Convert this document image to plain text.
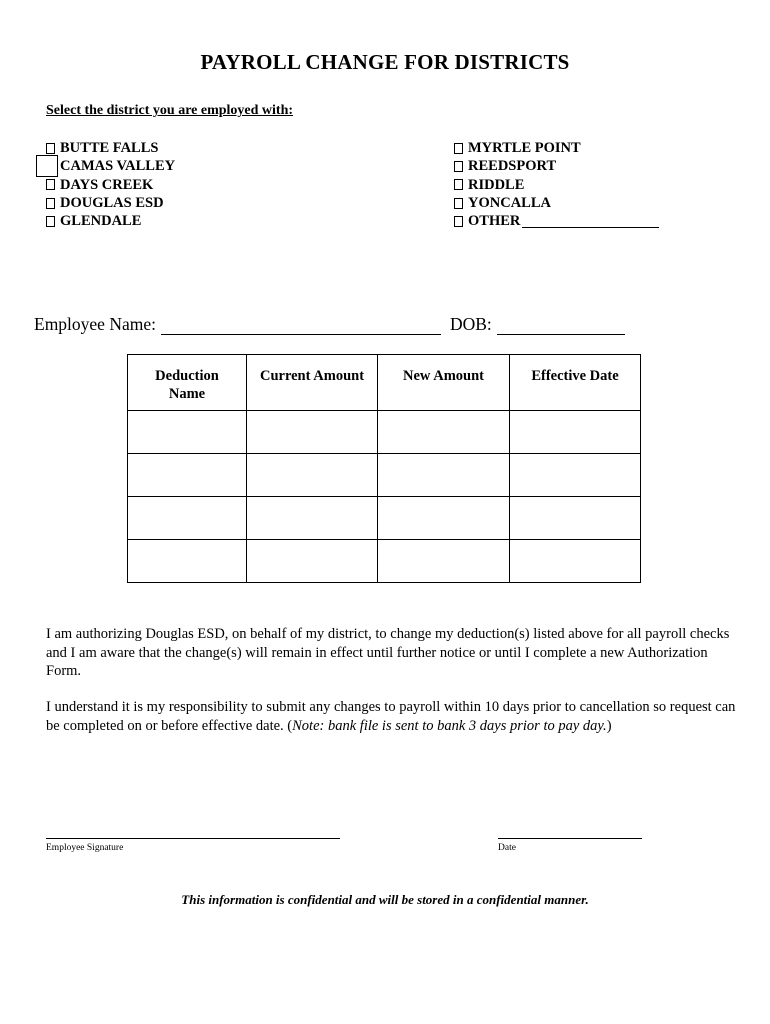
PAYROLL CHANGE FOR DISTRICTS
Select the district you are employed with:
BUTTE FALLS
CAMAS VALLEY
DAYS CREEK
DOUGLAS ESD
GLENDALE
MYRTLE POINT
REEDSPORT
RIDDLE
YONCALLA
OTHER
Employee Name:	DOB:
Deduction Name	Current Amount	New Amount	Effective Date

I am authorizing Douglas ESD, on behalf of my district, to change my deduction(s) listed above for all payroll checks and I am aware that the change(s) will remain in effect until further notice or until I complete a new Authorization Form.
I understand it is my responsibility to submit any changes to payroll within 10 days prior to cancellation so request can be completed on or before effective date. (Note: bank file is sent to bank 3 days prior to pay day.)
Employee Signature	Date
This information is confidential and will be stored in a confidential manner.
